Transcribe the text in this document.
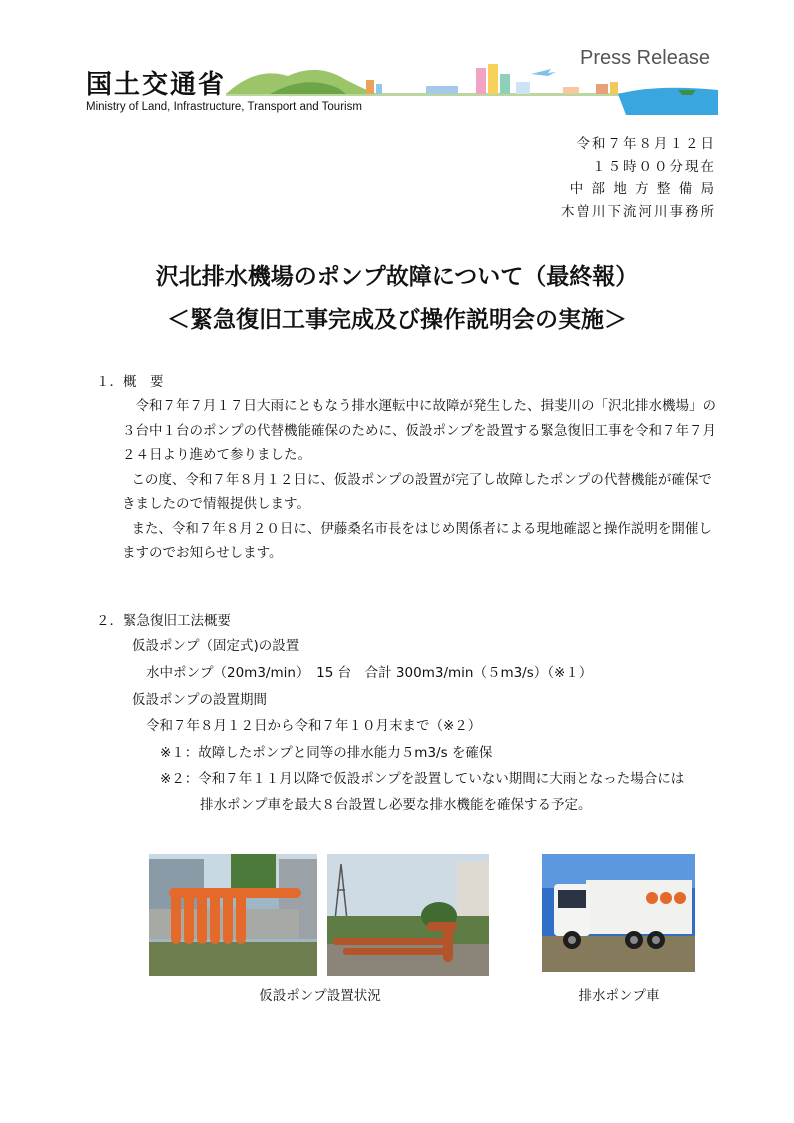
国土交通省
Ministry of Land, Infrastructure, Transport and Tourism
Press Release
令和７年８月１２日
１５時００分現在
中 部 地 方 整 備 局
木曽川下流河川事務所
沢北排水機場のポンプ故障について（最終報）
＜緊急復旧工事完成及び操作説明会の実施＞
１．概　要

令和７年７月１７日大雨にともなう排水運転中に故障が発生した、揖斐川の「沢北排水機場」の３台中１台のポンプの代替機能確保のために、仮設ポンプを設置する緊急復旧工事を令和７年７月２４日より進めて参りました。

この度、令和７年８月１２日に、仮設ポンプの設置が完了し故障したポンプの代替機能が確保できましたので情報提供します。

また、令和７年８月２０日に、伊藤桑名市長をはじめ関係者による現地確認と操作説明を開催しますのでお知らせします。

２．緊急復旧工法概要
仮設ポンプ（固定式)の設置
水中ポンプ（20m3/min）　15 台　合計 300m3/min（５m3/s）（※１）
仮設ポンプの設置期間
令和７年８月１２日から令和７年１０月末まで（※２）
※１：故障したポンプと同等の排水能力５m3/s を確保
※２：令和７年１１月以降で仮設ポンプを設置していない期間に大雨となった場合には
排水ポンプ車を最大８台設置し必要な排水機能を確保する予定。
仮設ポンプ設置状況	排水ポンプ車
